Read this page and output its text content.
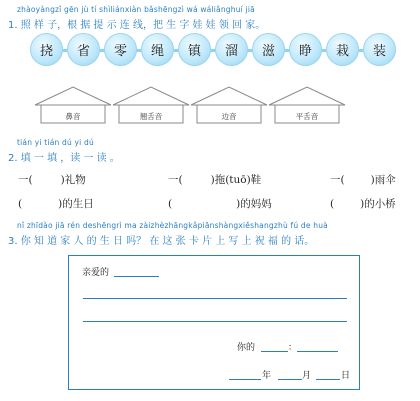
zhàoyàngzǐ gēn jù tí shìliánxiàn bǎshēngzì wá wáliǎnghuí jiā
1. 照 样 子，根 据 提 示 连 线，把 生 字 娃 娃 领 回 家。
挠	省	零	绳	镇	溜	滋	睁	栽	装
鼻音	翘舌音	边音	平舌音
tián yi tián dú yi dú
2. 填 一 填 ，读 一 读 。
一(	)礼物	一(	)拖(tuō)鞋	一( )雨伞
(	)的生日	(	)的妈妈	( )的小桥
nǐ zhīdào jiā rén deshēngrì ma zàizhèzhāngkǎpiānshàngxiěshangzhù fú de huà
3. 你 知 道 家 人 的 生 日 吗？ 在 这 张 卡 片 上 写 上 祝 福 的 话。
亲爱的
你的	：
年	月	日
